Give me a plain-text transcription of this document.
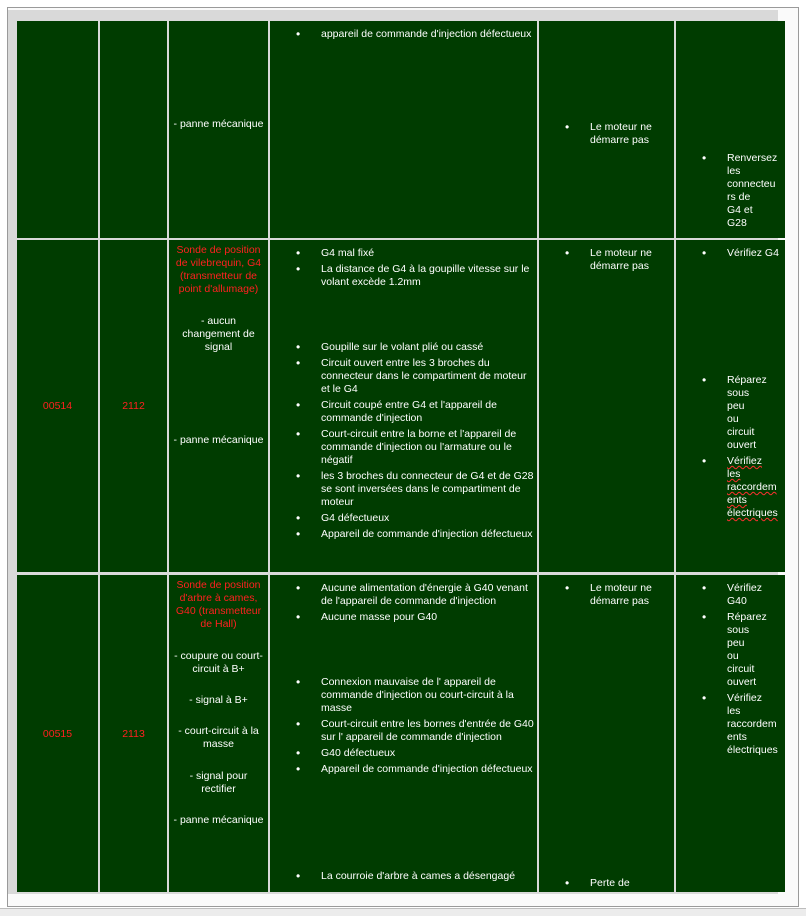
- panne mécanique
• appareil de commande d'injection défectueux
• Le moteur ne démarre pas
• Renversez les connecteu rs de G4 et G28
00514	2112
Sonde de position de vilebrequin, G4 (transmetteur de point d'allumage)
- aucun changement de signal
- panne mécanique
• G4 mal fixé
• La distance de G4 à la goupille vitesse sur le volant excède 1.2mm
• Goupille sur le volant plié ou cassé
• Circuit ouvert entre les 3 broches du connecteur dans le compartiment de moteur et le G4
• Circuit coupé entre G4 et l'appareil de commande d'injection
• Court-circuit entre la borne et l'appareil de commande d'injection ou l'armature ou le négatif
• les 3 broches du connecteur de G4 et de G28 se sont inversées dans le compartiment de moteur
• G4 défectueux
• Appareil de commande d'injection défectueux
• Le moteur ne démarre pas
• Vérifiez G4
• Réparez sous peu ou circuit ouvert
• Vérifiez les raccordem ents électriques
00515	2113
Sonde de position d'arbre à cames, G40 (transmetteur de Hall)
- coupure ou court-circuit à B+
- signal à B+
- court-circuit à la masse
- signal pour rectifier
- panne mécanique
• Aucune alimentation d'énergie à G40 venant de l'appareil de commande d'injection
• Aucune masse pour G40
• Connexion mauvaise de l' appareil de commande d'injection ou court-circuit à la masse
• Court-circuit entre les bornes d'entrée de G40 sur l' appareil de commande d'injection
• G40 défectueux
• Appareil de commande d'injection défectueux
• La courroie d'arbre à cames a désengagé
• Le moteur ne démarre pas
• Perte de
• Vérifiez G40
• Réparez sous peu ou circuit ouvert
• Vérifiez les raccordem ents électriques
